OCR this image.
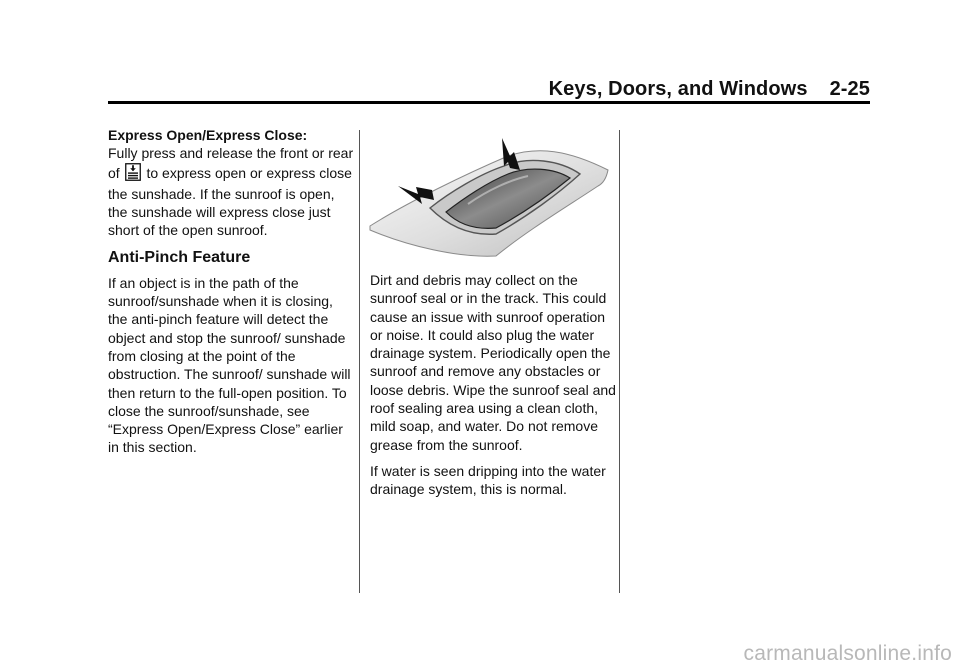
Keys, Doors, and Windows 2-25

Express Open/Express Close:
Fully press and release the front or rear of to express open or express close the sunshade. If the sunroof is open, the sunshade will express close just short of the open sunroof.

Anti-Pinch Feature

If an object is in the path of the sunroof/sunshade when it is closing, the anti-pinch feature will detect the object and stop the sunroof/ sunshade from closing at the point of the obstruction. The sunroof/ sunshade will then return to the full-open position. To close the sunroof/sunshade, see “Express Open/Express Close” earlier in this section.

Dirt and debris may collect on the sunroof seal or in the track. This could cause an issue with sunroof operation or noise. It could also plug the water drainage system. Periodically open the sunroof and remove any obstacles or loose debris. Wipe the sunroof seal and roof sealing area using a clean cloth, mild soap, and water. Do not remove grease from the sunroof.

If water is seen dripping into the water drainage system, this is normal.

carmanualsonline.info
